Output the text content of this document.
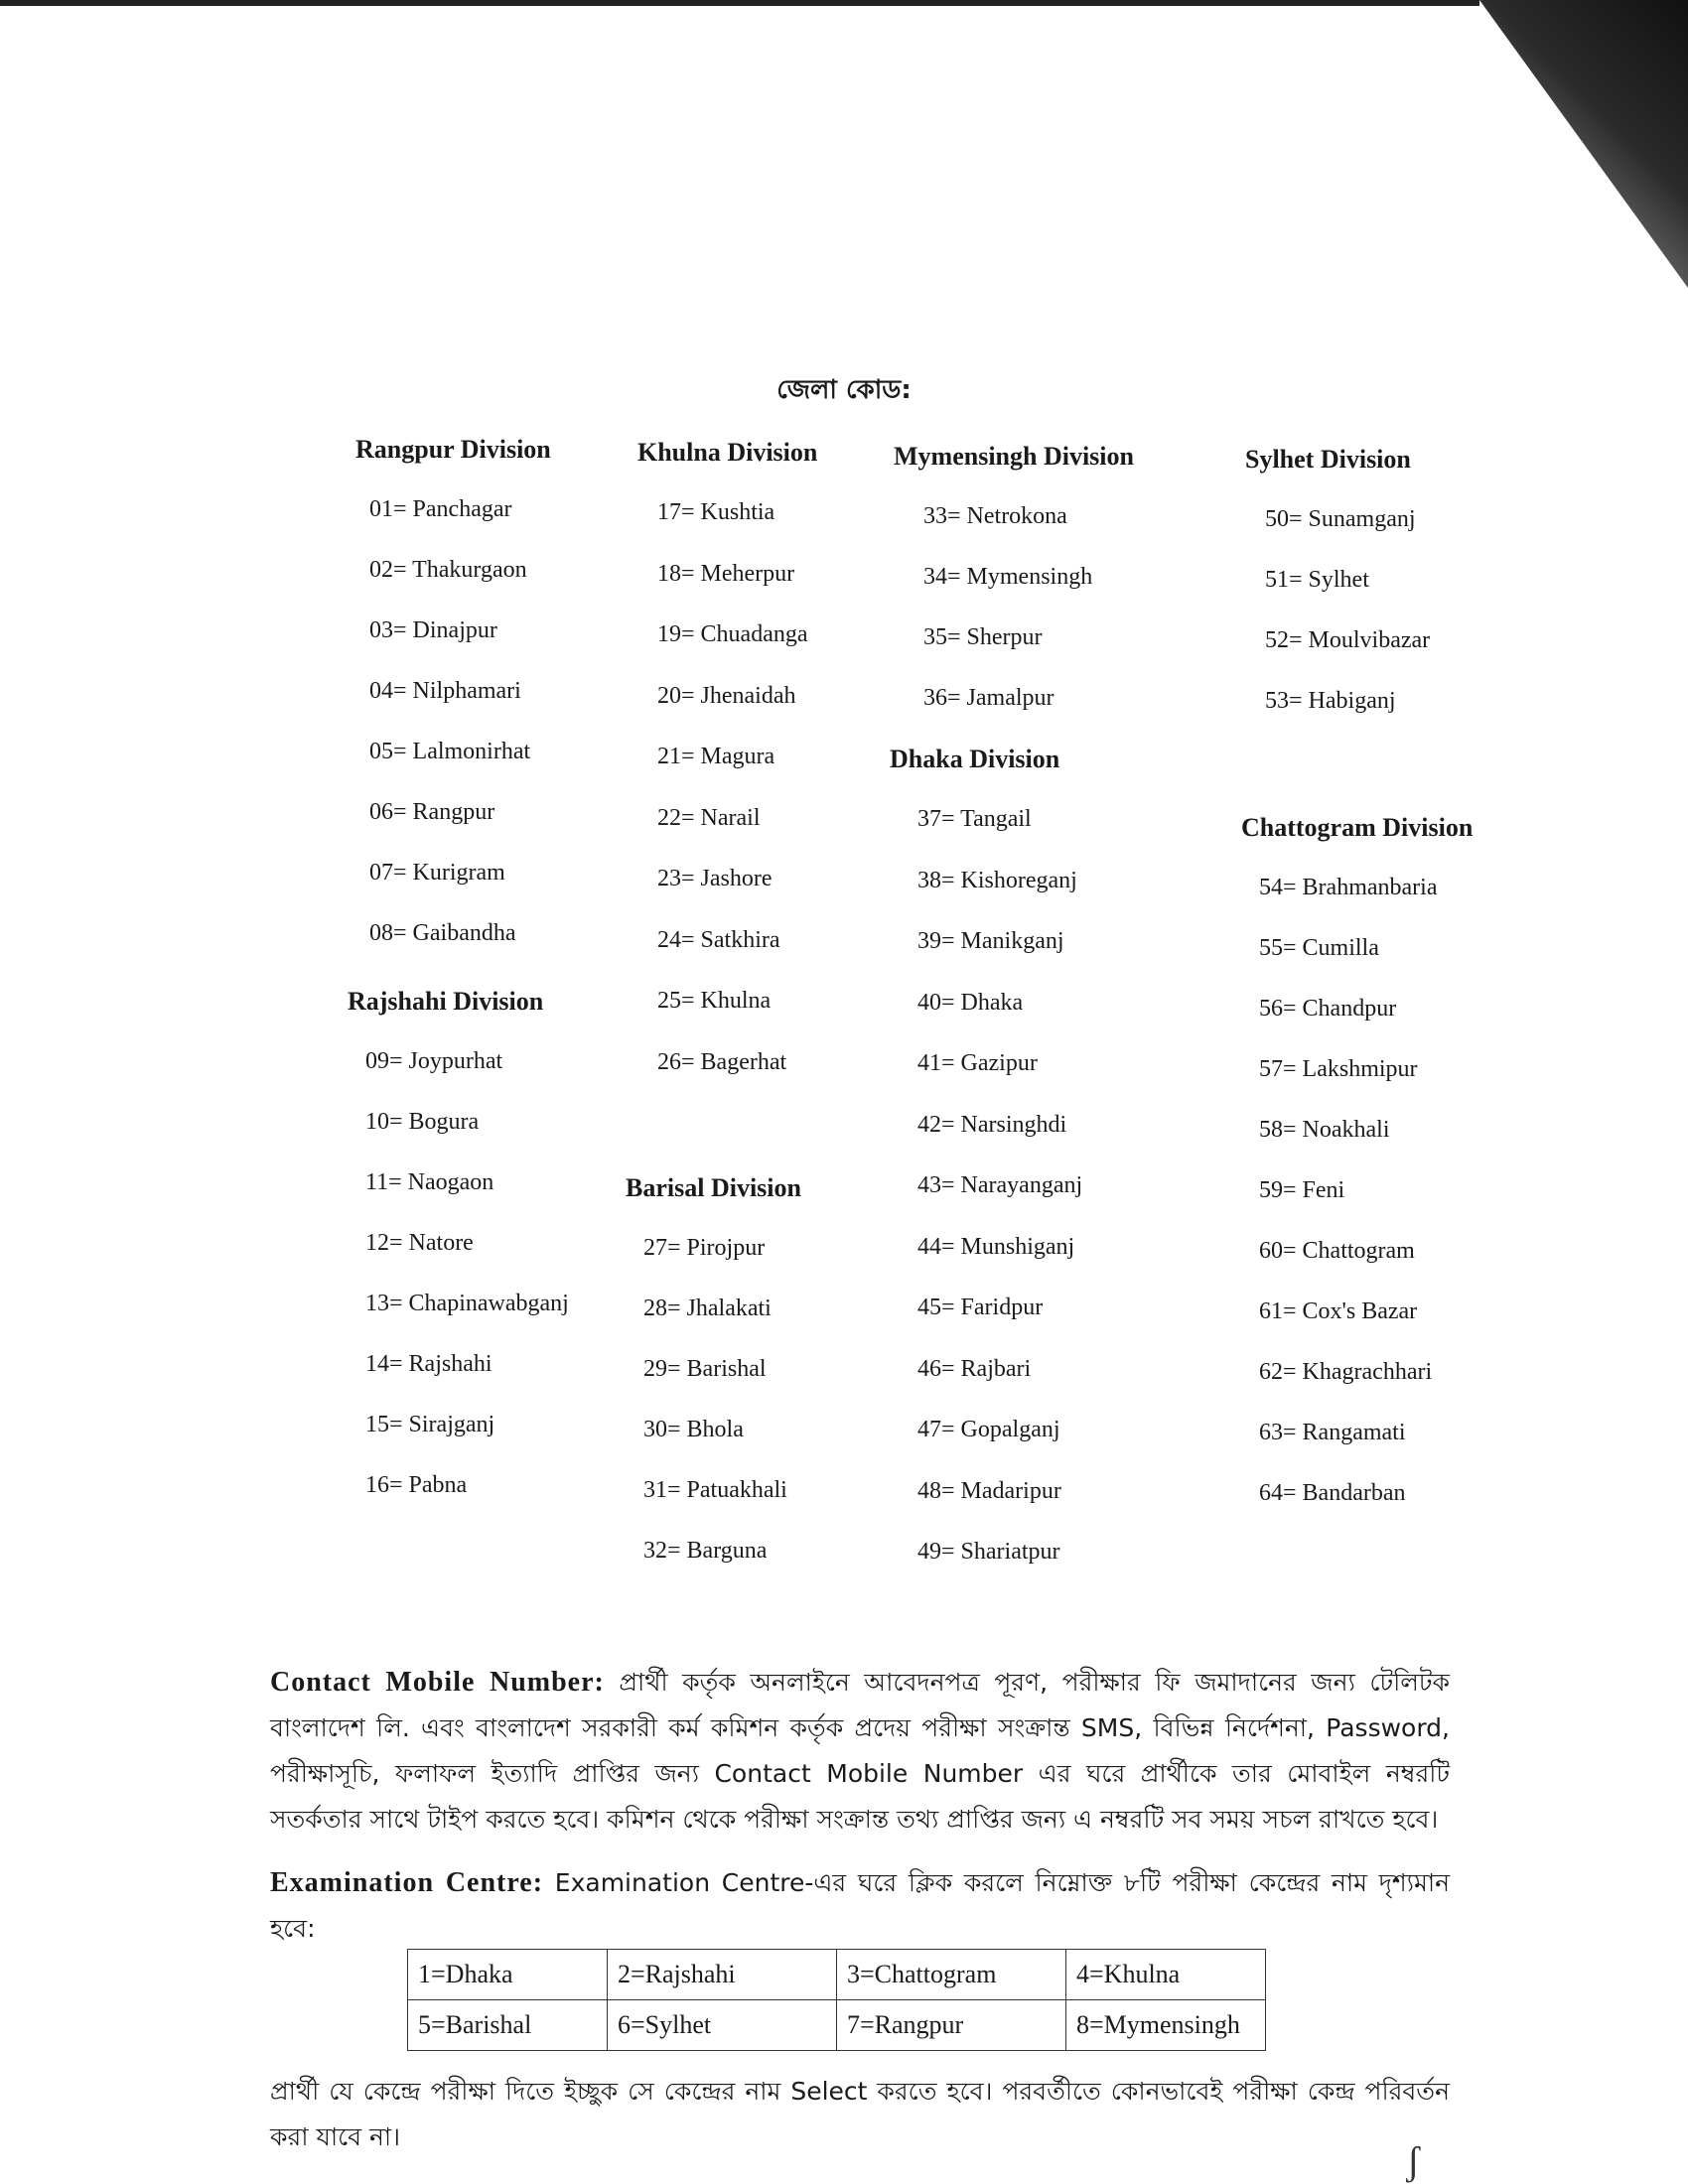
জেলা কোড:
Rangpur Division
01= Panchagar
02= Thakurgaon
03= Dinajpur
04= Nilphamari
05= Lalmonirhat
06= Rangpur
07= Kurigram
08= Gaibandha
Rajshahi Division
09= Joypurhat
10= Bogura
11= Naogaon
12= Natore
13= Chapinawabganj
14= Rajshahi
15= Sirajganj
16= Pabna
Khulna Division
17= Kushtia
18= Meherpur
19= Chuadanga
20= Jhenaidah
21= Magura
22= Narail
23= Jashore
24= Satkhira
25= Khulna
26= Bagerhat
Barisal Division
27= Pirojpur
28= Jhalakati
29= Barishal
30= Bhola
31= Patuakhali
32= Barguna
Mymensingh Division
33= Netrokona
34= Mymensingh
35= Sherpur
36= Jamalpur
Dhaka Division
37= Tangail
38= Kishoreganj
39= Manikganj
40= Dhaka
41= Gazipur
42= Narsinghdi
43= Narayanganj
44= Munshiganj
45= Faridpur
46= Rajbari
47= Gopalganj
48= Madaripur
49= Shariatpur
Sylhet Division
50= Sunamganj
51= Sylhet
52= Moulvibazar
53= Habiganj
Chattogram Division
54= Brahmanbaria
55= Cumilla
56= Chandpur
57= Lakshmipur
58= Noakhali
59= Feni
60= Chattogram
61= Cox's Bazar
62= Khagrachhari
63= Rangamati
64= Bandarban

Contact Mobile Number: প্রার্থী কর্তৃক অনলাইনে আবেদনপত্র পূরণ, পরীক্ষার ফি জমাদানের জন্য টেলিটক বাংলাদেশ লি. এবং বাংলাদেশ সরকারী কর্ম কমিশন কর্তৃক প্রদেয় পরীক্ষা সংক্রান্ত SMS, বিভিন্ন নির্দেশনা, Password, পরীক্ষাসূচি, ফলাফল ইত্যাদি প্রাপ্তির জন্য Contact Mobile Number এর ঘরে প্রার্থীকে তার মোবাইল নম্বরটি সতর্কতার সাথে টাইপ করতে হবে। কমিশন থেকে পরীক্ষা সংক্রান্ত তথ্য প্রাপ্তির জন্য এ নম্বরটি সব সময় সচল রাখতে হবে।

Examination Centre: Examination Centre-এর ঘরে ক্লিক করলে নিম্নোক্ত ৮টি পরীক্ষা কেন্দ্রের নাম দৃশ্যমান হবে:

1=Dhaka	2=Rajshahi	3=Chattogram	4=Khulna
5=Barishal	6=Sylhet	7=Rangpur	8=Mymensingh

প্রার্থী যে কেন্দ্রে পরীক্ষা দিতে ইচ্ছুক সে কেন্দ্রের নাম Select করতে হবে। পরবর্তীতে কোনভাবেই পরীক্ষা কেন্দ্র পরিবর্তন করা যাবে না।

ʃ
